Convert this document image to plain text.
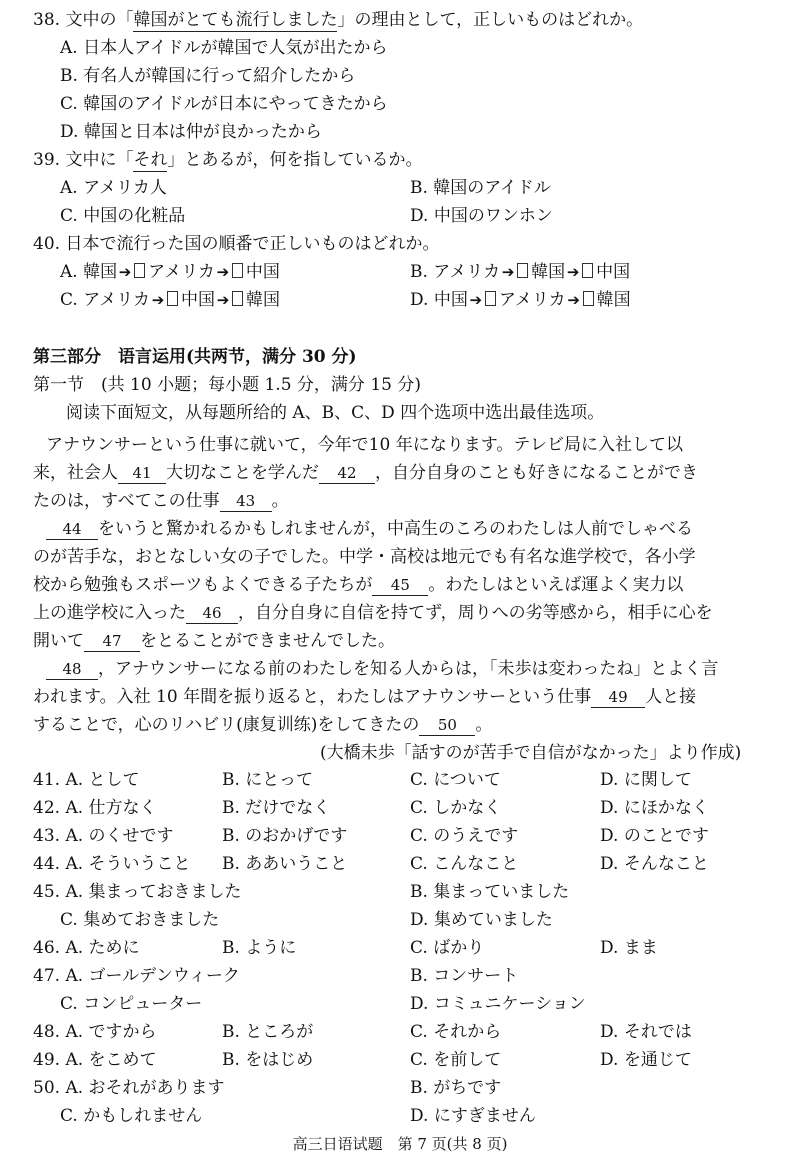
38. 文中の「韓国がとても流行しました」の理由として，正しいものはどれか。
A. 日本人アイドルが韓国で人気が出たから
B. 有名人が韓国に行って紹介したから
C. 韓国のアイドルが日本にやってきたから
D. 韓国と日本は仲が良かったから
39. 文中に「それ」とあるが，何を指しているか。
A. アメリカ人	B. 韓国のアイドル
C. 中国の化粧品	D. 中国のワンホン
40. 日本で流行った国の順番で正しいものはどれか。
A. 韓国 ➔ アメリカ ➔ 中国	B. アメリカ ➔ 韓国 ➔ 中国
C. アメリカ ➔ 中国 ➔ 韓国	D. 中国 ➔ アメリカ ➔ 韓国
第三部分　语言运用(共两节，满分 30 分)
第一节　(共 10 小题；每小题 1.5 分，满分 15 分)
阅读下面短文，从每题所给的 A、B、C、D 四个选项中选出最佳选项。
アナウンサーという仕事に就いて，今年で10 年になります。テレビ局に入社して以
来，社会人 41 大切なことを学んだ 42 ，自分自身のことも好きになることができ
たのは，すべてこの仕事 43 。
44 をいうと驚かれるかもしれませんが，中高生のころのわたしは人前でしゃべる
のが苦手な，おとなしい女の子でした。中学・高校は地元でも有名な進学校で，各小学
校から勉強もスポーツもよくできる子たちが 45 。わたしはといえば運よく実力以
上の進学校に入った 46 ，自分自身に自信を持てず，周りへの劣等感から，相手に心を
開いて 47 をとることができませんでした。
48 ，アナウンサーになる前のわたしを知る人からは，「未歩は変わったね」とよく言
われます。入社 10 年間を振り返ると，わたしはアナウンサーという仕事 49 人と接
することで，心のリハビリ(康复训练)をしてきたの 50 。
(大橋未歩「話すのが苦手で自信がなかった」より作成)
41. A. として	B. にとって	C. について	D. に関して
42. A. 仕方なく	B. だけでなく	C. しかなく	D. にほかなく
43. A. のくせです	B. のおかげです	C. のうえです	D. のことです
44. A. そういうこと B. ああいうこと	C. こんなこと	D. そんなこと
45. A. 集まっておきました	B. 集まっていました
C. 集めておきました	D. 集めていました
46. A. ために	B. ように	C. ばかり	D. まま
47. A. ゴールデンウィーク	B. コンサート
C. コンピューター	D. コミュニケーション
48. A. ですから	B. ところが	C. それから	D. それでは
49. A. をこめて	B. をはじめ	C. を前して	D. を通じて
50. A. おそれがあります	B. がちです
C. かもしれません	D. にすぎません
高三日语试题　第 7 页(共 8 页)
